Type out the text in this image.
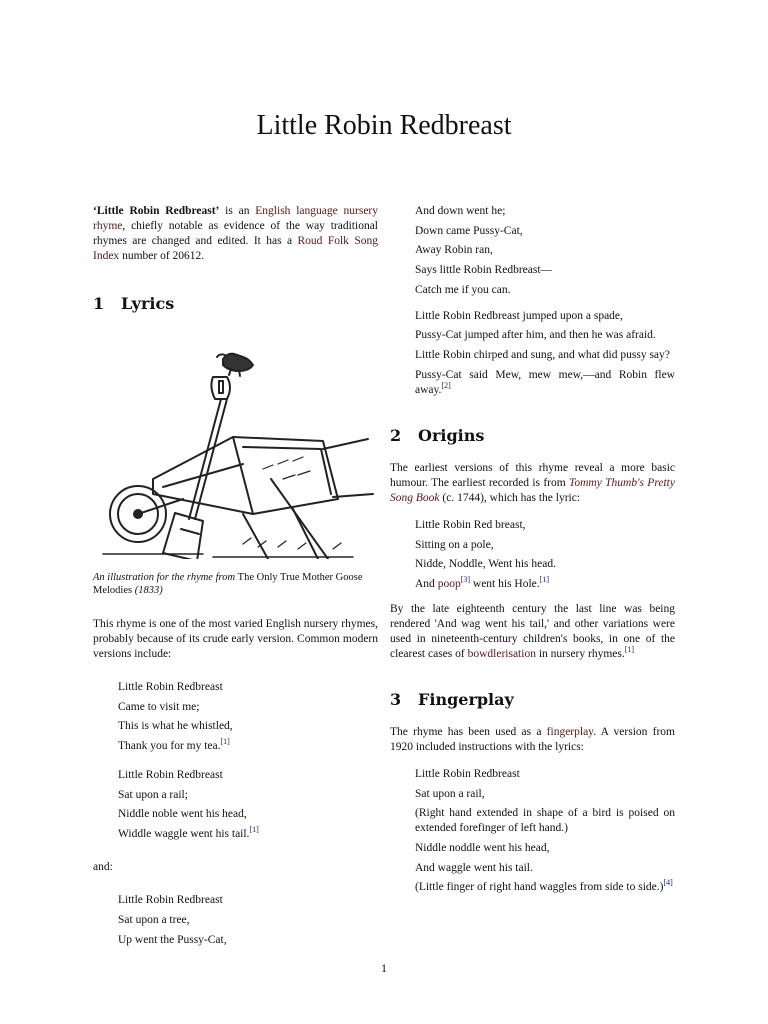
Little Robin Redbreast

‘Little Robin Redbreast’ is an English language nursery rhyme, chiefly notable as evidence of the way traditional rhymes are changed and edited. It has a Roud Folk Song Index number of 20612.

1 Lyrics

An illustration for the rhyme from The Only True Mother Goose Melodies (1833)

This rhyme is one of the most varied English nursery rhymes, probably because of its crude early version. Common modern versions include:

Little Robin Redbreast
Came to visit me;
This is what he whistled,
Thank you for my tea.[1]
Little Robin Redbreast
Sat upon a rail;
Niddle noble went his head,
Widdle waggle went his tail.[1]

and:

Little Robin Redbreast
Sat upon a tree,
Up went the Pussy-Cat,
And down went he;
Down came Pussy-Cat,
Away Robin ran,
Says little Robin Redbreast—
Catch me if you can.
Little Robin Redbreast jumped upon a spade,
Pussy-Cat jumped after him, and then he was afraid.
Little Robin chirped and sung, and what did pussy say?
Pussy-Cat said Mew, mew mew,—and Robin flew away.[2]
2 Origins

The earliest versions of this rhyme reveal a more basic humour. The earliest recorded is from Tommy Thumb's Pretty Song Book (c. 1744), which has the lyric:

Little Robin Red breast,
Sitting on a pole,
Nidde, Noddle, Went his head.
And poop[3] went his Hole.[1]

By the late eighteenth century the last line was being rendered 'And wag went his tail,' and other variations were used in nineteenth-century children's books, in one of the clearest cases of bowdlerisation in nursery rhymes.[1]

3 Fingerplay

The rhyme has been used as a fingerplay. A version from 1920 included instructions with the lyrics:

Little Robin Redbreast
Sat upon a rail,
(Right hand extended in shape of a bird is poised on extended forefinger of left hand.)
Niddle noddle went his head,
And waggle went his tail.
(Little finger of right hand waggles from side to side.)[4]
1
